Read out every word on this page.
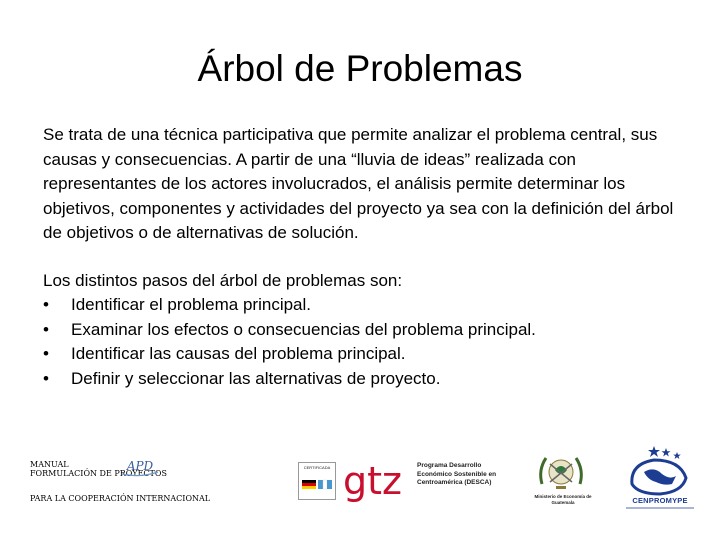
Árbol de Problemas

Se trata de una técnica participativa que permite analizar el problema central, sus causas y consecuencias. A partir de una “lluvia de ideas” realizada con representantes de los actores involucrados, el análisis permite determinar los objetivos, componentes y actividades del proyecto ya sea con la definición del árbol de objetivos o de alternativas de solución.

Los distintos pasos del árbol de problemas son:

•	Identificar el problema principal.
•	Examinar los efectos o consecuencias del problema principal.
•	Identificar las causas del problema principal.
•	Definir y seleccionar las alternativas de proyecto.
MANUAL
FORMULACIÓN DE PROYECTOS
APD
PARA LA COOPERACIÓN INTERNACIONAL
CERTIFICADA gtz Programa Desarrollo Económico Sostenible en Centroamérica (DESCA)
Ministerio de Economía de Guatemala	CENPROMYPE
